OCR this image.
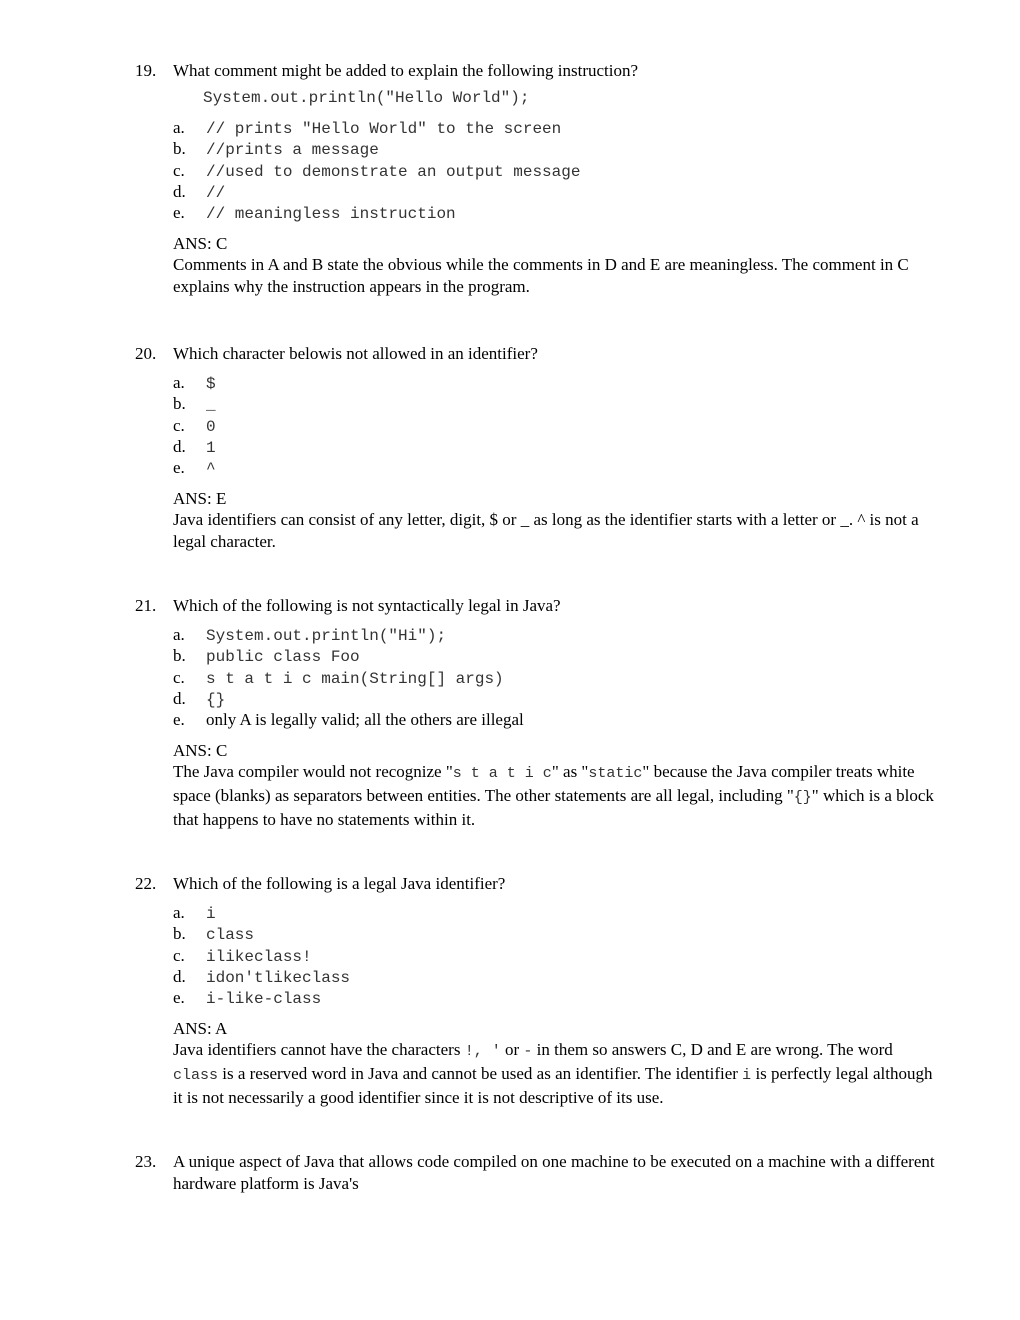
19. What comment might be added to explain the following instruction?
System.out.println("Hello World");
a.	// prints "Hello World" to the screen
b.	//prints a message
c.	//used to demonstrate an output message
d.	//
e.	// meaningless instruction
ANS: C
Comments in A and B state the obvious while the comments in D and E are meaningless. The comment in C explains why the instruction appears in the program.
20. Which character belowis not allowed in an identifier?
a.	$
b.	_
c.	0
d.	1
e.	^
ANS: E
Java identifiers can consist of any letter, digit, $ or _ as long as the identifier starts with a letter or _. ^ is not a legal character.
21. Which of the following is not syntactically legal in Java?
a.	System.out.println("Hi");
b.	public class Foo
c.	s t a t i c main(String[] args)
d.	{}
e.	only A is legally valid; all the others are illegal
ANS: C
The Java compiler would not recognize "s t a t i c" as "static" because the Java compiler treats white space (blanks) as separators between entities. The other statements are all legal, including "{}" which is a block that happens to have no statements within it.
22. Which of the following is a legal Java identifier?
a.	i
b.	class
c.	ilikeclass!
d.	idon'tlikeclass
e.	i-like-class
ANS: A
Java identifiers cannot have the characters !, ' or - in them so answers C, D and E are wrong. The word class is a reserved word in Java and cannot be used as an identifier. The identifier i is perfectly legal although it is not necessarily a good identifier since it is not descriptive of its use.
23. A unique aspect of Java that allows code compiled on one machine to be executed on a machine with a different hardware platform is Java's
